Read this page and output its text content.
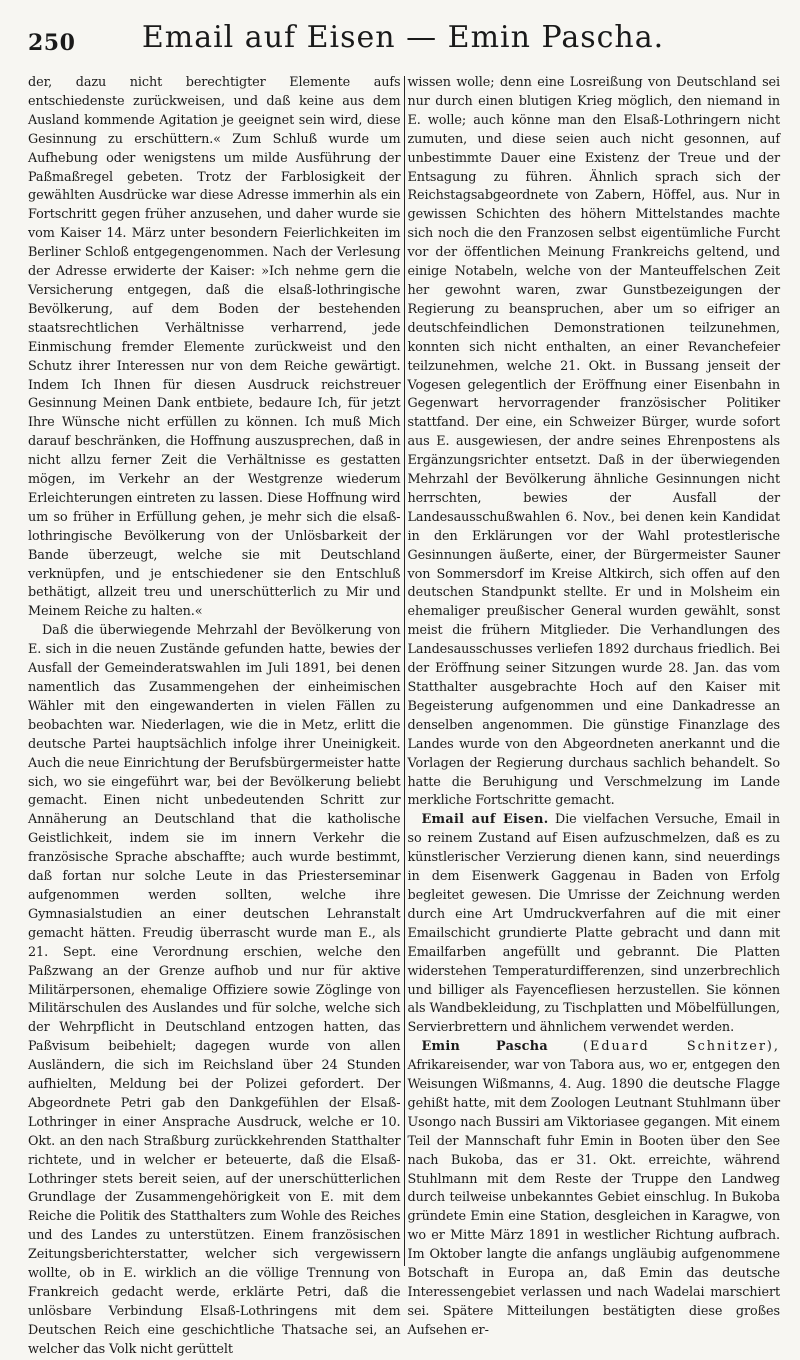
250	Email auf Eisen — Emin Pascha.

der, dazu nicht berechtigter Elemente aufs entschiedenste zurückweisen, und daß keine aus dem Ausland kommende Agitation je geeignet sein wird, diese Gesinnung zu erschüttern.« Zum Schluß wurde um Aufhebung oder wenigstens um milde Ausführung der Paßmaßregel gebeten. Trotz der Farblosigkeit der gewählten Ausdrücke war diese Adresse immerhin als ein Fortschritt gegen früher anzusehen, und daher wurde sie vom Kaiser 14. März unter besondern Feierlichkeiten im Berliner Schloß entgegengenommen. Nach der Verlesung der Adresse erwiderte der Kaiser: »Ich nehme gern die Versicherung entgegen, daß die elsaß-lothringische Bevölkerung, auf dem Boden der bestehenden staatsrechtlichen Verhältnisse verharrend, jede Einmischung fremder Elemente zurückweist und den Schutz ihrer Interessen nur von dem Reiche gewärtigt. Indem Ich Ihnen für diesen Ausdruck reichstreuer Gesinnung Meinen Dank entbiete, bedaure Ich, für jetzt Ihre Wünsche nicht erfüllen zu können. Ich muß Mich darauf beschränken, die Hoffnung auszusprechen, daß in nicht allzu ferner Zeit die Verhältnisse es gestatten mögen, im Verkehr an der Westgrenze wiederum Erleichterungen eintreten zu lassen. Diese Hoffnung wird um so früher in Erfüllung gehen, je mehr sich die elsaß-lothringische Bevölkerung von der Unlösbarkeit der Bande überzeugt, welche sie mit Deutschland verknüpfen, und je entschiedener sie den Entschluß bethätigt, allzeit treu und unerschütterlich zu Mir und Meinem Reiche zu halten.«

Daß die überwiegende Mehrzahl der Bevölkerung von E. sich in die neuen Zustände gefunden hatte, bewies der Ausfall der Gemeinderatswahlen im Juli 1891, bei denen namentlich das Zusammengehen der einheimischen Wähler mit den eingewanderten in vielen Fällen zu beobachten war. Niederlagen, wie die in Metz, erlitt die deutsche Partei hauptsächlich infolge ihrer Uneinigkeit. Auch die neue Einrichtung der Berufsbürgermeister hatte sich, wo sie eingeführt war, bei der Bevölkerung beliebt gemacht. Einen nicht unbedeutenden Schritt zur Annäherung an Deutschland that die katholische Geistlichkeit, indem sie im innern Verkehr die französische Sprache abschaffte; auch wurde bestimmt, daß fortan nur solche Leute in das Priesterseminar aufgenommen werden sollten, welche ihre Gymnasialstudien an einer deutschen Lehranstalt gemacht hätten. Freudig überrascht wurde man E., als 21. Sept. eine Verordnung erschien, welche den Paßzwang an der Grenze aufhob und nur für aktive Militärpersonen, ehemalige Offiziere sowie Zöglinge von Militärschulen des Auslandes und für solche, welche sich der Wehrpflicht in Deutschland entzogen hatten, das Paßvisum beibehielt; dagegen wurde von allen Ausländern, die sich im Reichsland über 24 Stunden aufhielten, Meldung bei der Polizei gefordert. Der Abgeordnete Petri gab den Dankgefühlen der Elsaß-Lothringer in einer Ansprache Ausdruck, welche er 10. Okt. an den nach Straßburg zurückkehrenden Statthalter richtete, und in welcher er beteuerte, daß die Elsaß-Lothringer stets bereit seien, auf der unerschütterlichen Grundlage der Zusammengehörigkeit von E. mit dem Reiche die Politik des Statthalters zum Wohle des Reiches und des Landes zu unterstützen. Einem französischen Zeitungsberichterstatter, welcher sich vergewissern wollte, ob in E. wirklich an die völlige Trennung von Frankreich gedacht werde, erklärte Petri, daß die unlösbare Verbindung Elsaß-Lothringens mit dem Deutschen Reich eine geschichtliche Thatsache sei, an welcher das Volk nicht gerüttelt

wissen wolle; denn eine Losreißung von Deutschland sei nur durch einen blutigen Krieg möglich, den niemand in E. wolle; auch könne man den Elsaß-Lothringern nicht zumuten, und diese seien auch nicht gesonnen, auf unbestimmte Dauer eine Existenz der Treue und der Entsagung zu führen. Ähnlich sprach sich der Reichstagsabgeordnete von Zabern, Höffel, aus. Nur in gewissen Schichten des höhern Mittelstandes machte sich noch die den Franzosen selbst eigentümliche Furcht vor der öffentlichen Meinung Frankreichs geltend, und einige Notabeln, welche von der Manteuffelschen Zeit her gewohnt waren, zwar Gunstbezeigungen der Regierung zu beanspruchen, aber um so eifriger an deutschfeindlichen Demonstrationen teilzunehmen, konnten sich nicht enthalten, an einer Revanchefeier teilzunehmen, welche 21. Okt. in Bussang jenseit der Vogesen gelegentlich der Eröffnung einer Eisenbahn in Gegenwart hervorragender französischer Politiker stattfand. Der eine, ein Schweizer Bürger, wurde sofort aus E. ausgewiesen, der andre seines Ehrenpostens als Ergänzungsrichter entsetzt. Daß in der überwiegenden Mehrzahl der Bevölkerung ähnliche Gesinnungen nicht herrschten, bewies der Ausfall der Landesausschußwahlen 6. Nov., bei denen kein Kandidat in den Erklärungen vor der Wahl protestlerische Gesinnungen äußerte, einer, der Bürgermeister Sauner von Sommersdorf im Kreise Altkirch, sich offen auf den deutschen Standpunkt stellte. Er und in Molsheim ein ehemaliger preußischer General wurden gewählt, sonst meist die frühern Mitglieder. Die Verhandlungen des Landesausschusses verliefen 1892 durchaus friedlich. Bei der Eröffnung seiner Sitzungen wurde 28. Jan. das vom Statthalter ausgebrachte Hoch auf den Kaiser mit Begeisterung aufgenommen und eine Dankadresse an denselben angenommen. Die günstige Finanzlage des Landes wurde von den Abgeordneten anerkannt und die Vorlagen der Regierung durchaus sachlich behandelt. So hatte die Beruhigung und Verschmelzung im Lande merkliche Fortschritte gemacht.

Email auf Eisen. Die vielfachen Versuche, Email in so reinem Zustand auf Eisen aufzuschmelzen, daß es zu künstlerischer Verzierung dienen kann, sind neuerdings in dem Eisenwerk Gaggenau in Baden von Erfolg begleitet gewesen. Die Umrisse der Zeichnung werden durch eine Art Umdruckverfahren auf die mit einer Emailschicht grundierte Platte gebracht und dann mit Emailfarben angefüllt und gebrannt. Die Platten widerstehen Temperaturdifferenzen, sind unzerbrechlich und billiger als Fayencefliesen herzustellen. Sie können als Wandbekleidung, zu Tischplatten und Möbelfüllungen, Servierbrettern und ähnlichem verwendet werden.

Emin Pascha	(Eduard Schnitzer), Afrikareisender, war von Tabora aus, wo er, entgegen den Weisungen Wißmanns, 4. Aug. 1890 die deutsche Flagge gehißt hatte, mit dem Zoologen Leutnant Stuhlmann über Usongo nach Bussiri am Viktoriasee gegangen. Mit einem Teil der Mannschaft fuhr Emin in Booten über den See nach Bukoba, das er 31. Okt. erreichte, während Stuhlmann mit dem Reste der Truppe den Landweg durch teilweise unbekanntes Gebiet einschlug. In Bukoba gründete Emin eine Station, desgleichen in Karagwe, von wo er Mitte März 1891 in westlicher Richtung aufbrach. Im Oktober langte die anfangs ungläubig aufgenommene Botschaft in Europa an, daß Emin das deutsche Interessengebiet verlassen und nach Wadelai marschiert sei. Spätere Mitteilungen bestätigten diese großes Aufsehen er-
